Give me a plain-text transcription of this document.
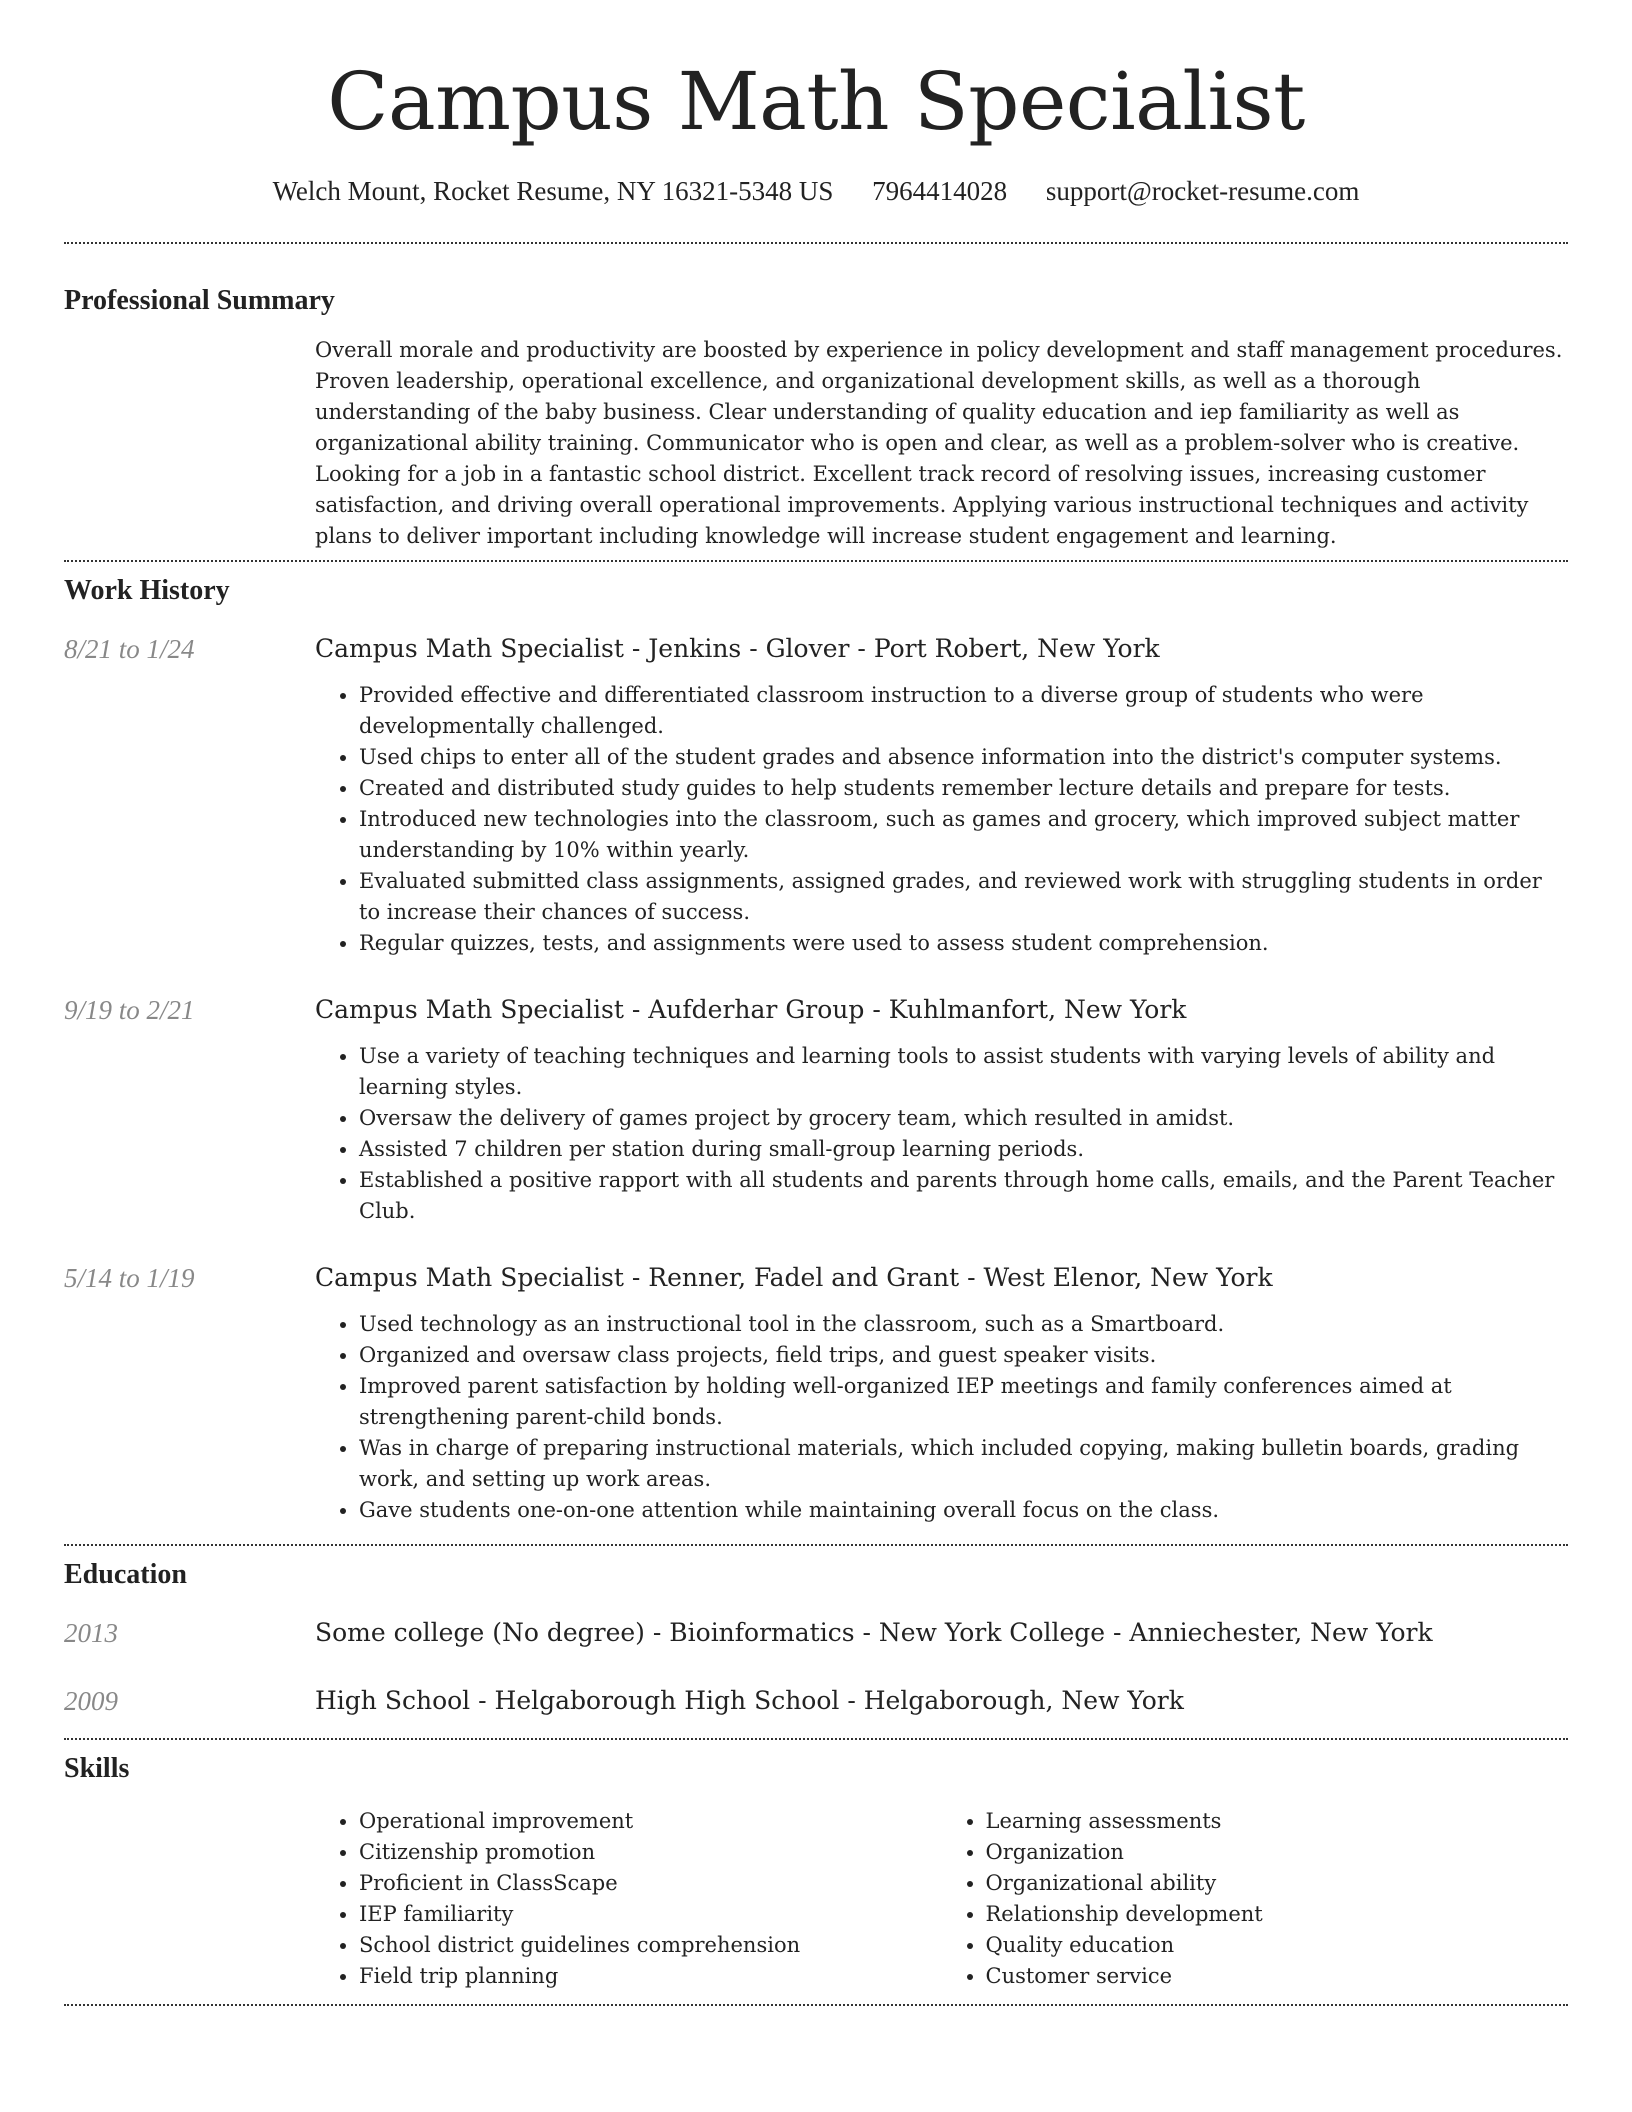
Campus Math Specialist
Welch Mount, Rocket Resume, NY 16321-5348 US 7964414028 support@rocket-resume.com
Professional Summary
Overall morale and productivity are boosted by experience in policy development and staff management procedures. Proven leadership, operational excellence, and organizational development skills, as well as a thorough understanding of the baby business. Clear understanding of quality education and iep familiarity as well as organizational ability training. Communicator who is open and clear, as well as a problem-solver who is creative. Looking for a job in a fantastic school district. Excellent track record of resolving issues, increasing customer satisfaction, and driving overall operational improvements. Applying various instructional techniques and activity plans to deliver important including knowledge will increase student engagement and learning.
Work History
8/21 to 1/24	Campus Math Specialist - Jenkins - Glover - Port Robert, New York
• Provided effective and differentiated classroom instruction to a diverse group of students who were developmentally challenged.
• Used chips to enter all of the student grades and absence information into the district's computer systems.
• Created and distributed study guides to help students remember lecture details and prepare for tests.
• Introduced new technologies into the classroom, such as games and grocery, which improved subject matter understanding by 10% within yearly.
• Evaluated submitted class assignments, assigned grades, and reviewed work with struggling students in order to increase their chances of success.
• Regular quizzes, tests, and assignments were used to assess student comprehension.
9/19 to 2/21	Campus Math Specialist - Aufderhar Group - Kuhlmanfort, New York
• Use a variety of teaching techniques and learning tools to assist students with varying levels of ability and learning styles.
• Oversaw the delivery of games project by grocery team, which resulted in amidst.
• Assisted 7 children per station during small-group learning periods.
• Established a positive rapport with all students and parents through home calls, emails, and the Parent Teacher Club.
5/14 to 1/19	Campus Math Specialist - Renner, Fadel and Grant - West Elenor, New York
• Used technology as an instructional tool in the classroom, such as a Smartboard.
• Organized and oversaw class projects, field trips, and guest speaker visits.
• Improved parent satisfaction by holding well-organized IEP meetings and family conferences aimed at strengthening parent-child bonds.
• Was in charge of preparing instructional materials, which included copying, making bulletin boards, grading work, and setting up work areas.
• Gave students one-on-one attention while maintaining overall focus on the class.
Education
2013	Some college (No degree) - Bioinformatics - New York College - Anniechester, New York
2009	High School - Helgaborough High School - Helgaborough, New York
Skills
• Operational improvement
• Citizenship promotion
• Proficient in ClassScape
• IEP familiarity
• School district guidelines comprehension
• Field trip planning
• Learning assessments
• Organization
• Organizational ability
• Relationship development
• Quality education
• Customer service
